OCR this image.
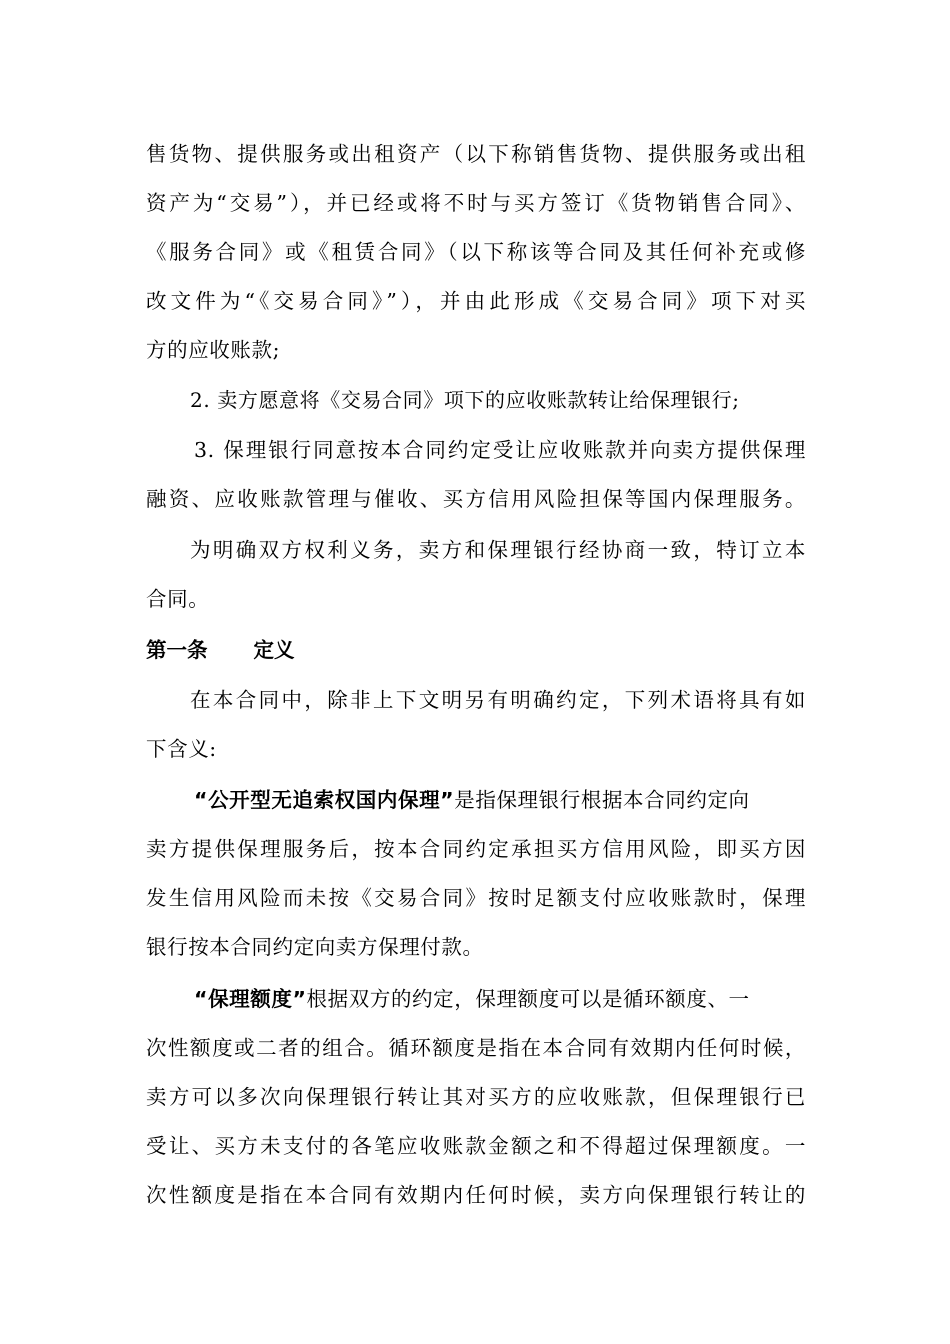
售货物、提供服务或出租资产（以下称销售货物、提供服务或出租

资产为“交易”），并已经或将不时与买方签订《货物销售合同》、

《服务合同》或《租赁合同》（以下称该等合同及其任何补充或修

改文件为“《交易合同》”），并由此形成《交易合同》项下对买

方的应收账款;

2. 卖方愿意将《交易合同》项下的应收账款转让给保理银行;

3. 保理银行同意按本合同约定受让应收账款并向卖方提供保理

融资、应收账款管理与催收、买方信用风险担保等国内保理服务。

为明确双方权利义务，卖方和保理银行经协商一致，特订立本

合同。

第一条 定义

在本合同中，除非上下文明另有明确约定，下列术语将具有如

下含义:

“公开型无追索权国内保理”是指保理银行根据本合同约定向

卖方提供保理服务后，按本合同约定承担买方信用风险，即买方因

发生信用风险而未按《交易合同》按时足额支付应收账款时，保理

银行按本合同约定向卖方保理付款。

“保理额度”根据双方的约定，保理额度可以是循环额度、一

次性额度或二者的组合。循环额度是指在本合同有效期内任何时候，

卖方可以多次向保理银行转让其对买方的应收账款，但保理银行已

受让、买方未支付的各笔应收账款金额之和不得超过保理额度。一

次性额度是指在本合同有效期内任何时候，卖方向保理银行转让的
